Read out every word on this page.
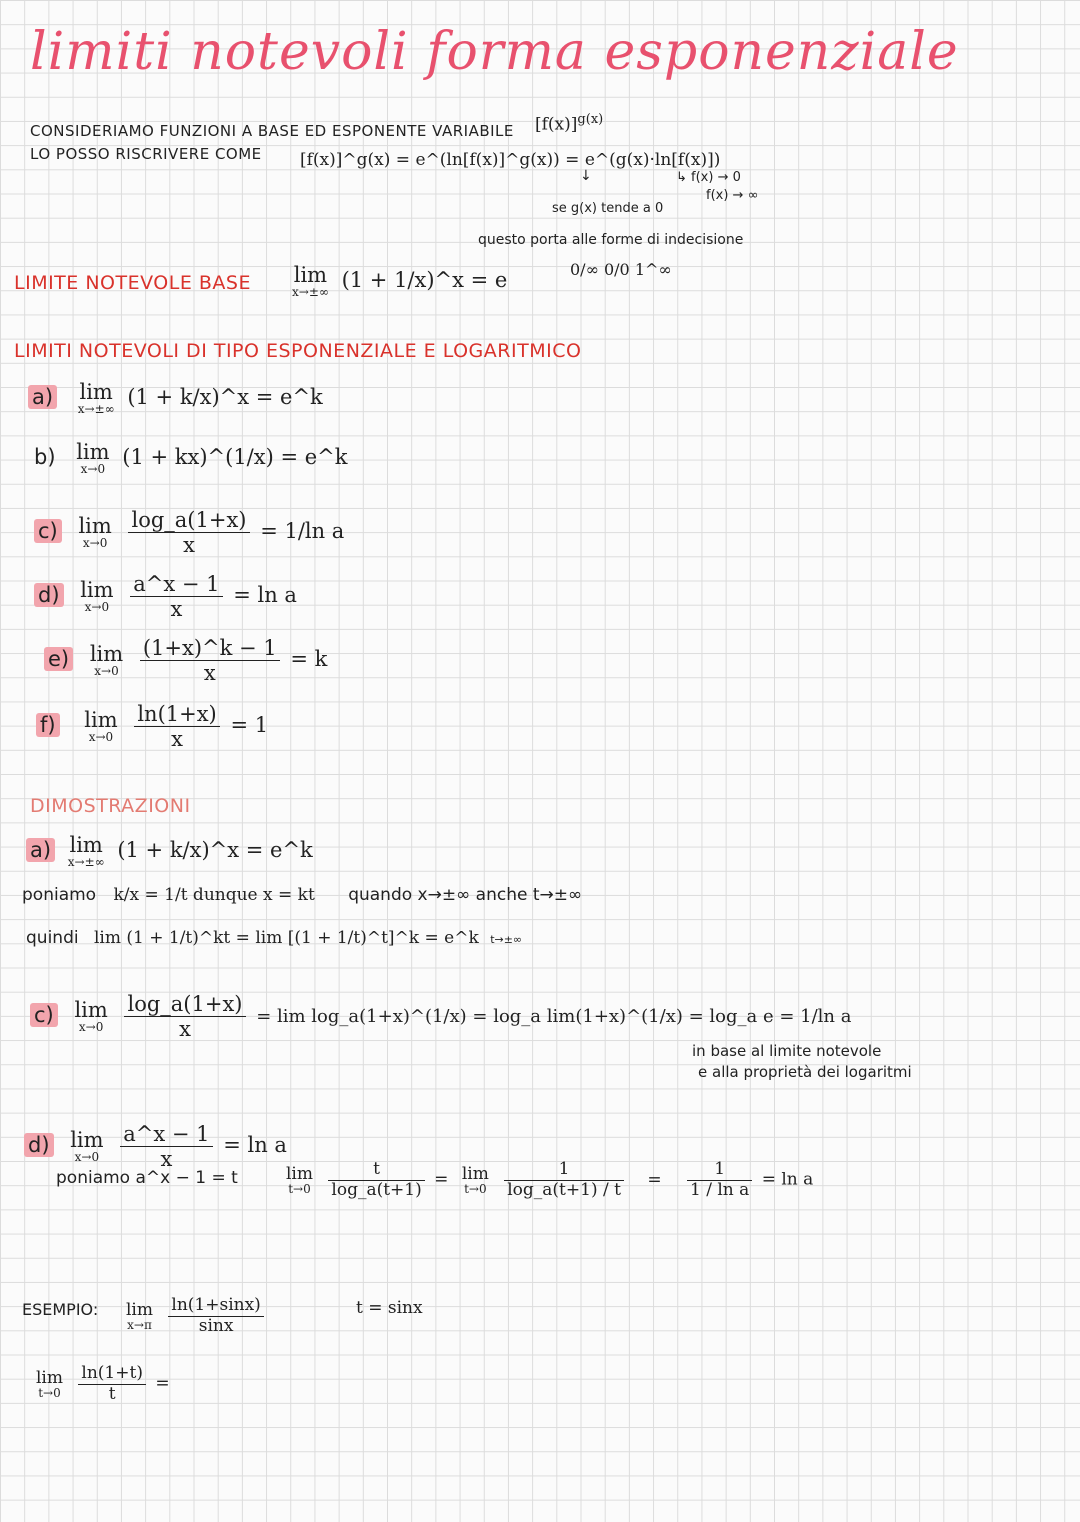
limiti notevoli forma esponenziale
CONSIDERIAMO FUNZIONI A BASE ED ESPONENTE VARIABILE
LO POSSO RISCRIVERE COME
$[f(x)]^{g(x)}$
[f(x)]^g(x) = e^(ln[f(x)]^g(x)) = e^(g(x)·ln[f(x)])
↳ f(x) → 0
f(x) → ∞
↓
se g(x) tende a 0
questo porta alle forme di indecisione
0/∞ 0/0 1^∞
LIMITE NOTEVOLE BASE lim
x→±∞ (1 + 1/x)^x = e
LIMITI NOTEVOLI DI TIPO ESPONENZIALE E LOGARITMICO
a) lim
x→±∞ (1 + k/x)^x = e^k
b) lim
x→0 (1 + kx)^(1/x) = e^k
c) lim
x→0
$\frac{\log\_a(1+x)}{x} = 1/\ln$ a
d) lim
x→0
$\frac{a\^{}x - 1}{x} = \ln a$
e) lim
x→0
$\frac{(1+x)\^{}k - 1}{x} = k$
f) lim
x→0
$\frac{\ln(1+x)}{x} = 1$
DIMOSTRAZIONI
a) lim
x→±∞ (1 + k/x)^x = e^k
poniamo k/x = 1/t dunque x = kt quando x→±∞ anche t→±∞
quindi lim (1 + 1/t)^kt = lim [(1 + 1/t)^t]^k = e^k t→±∞
c) lim
x→0
$\frac{\log\_a(1+x)}{x} = \lim$ log_a(1+x)^(1/x) = log_a lim(1+x)^(1/x) = log_a e = 1/ln a
in base al limite notevole
e alla proprietà dei logaritmi
d) lim
x→0
$\frac{a\^{}x - 1}{x} = \ln a$
poniamo a^x − 1 = t	lim
t→0
$\frac{t}{\log\_a(t+1)} = \lim$
t→0
$\frac{1}{\log\_a(t+1) / t} = \frac{1}{\text{1 / ln a}} = \ln a$
ESEMPIO: lim
x→π
$\frac{\ln(1+\sin x)}{\sin x}$	t = sinx
lim
t→0
$\frac{\ln(1+t)}{t}$ =
